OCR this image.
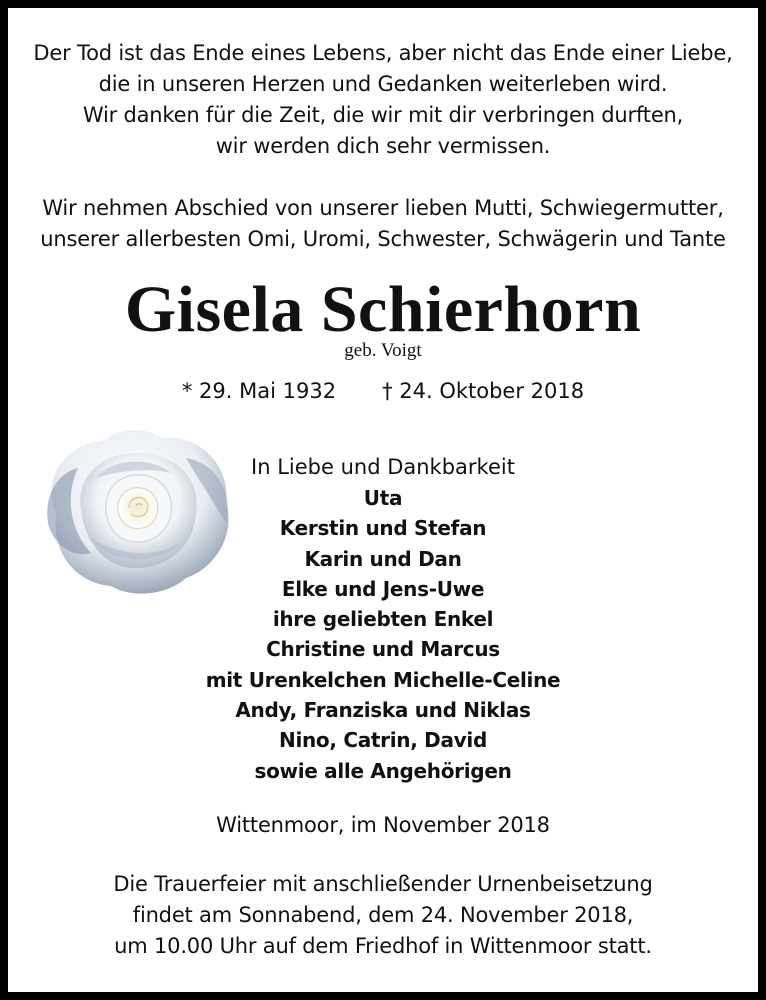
Der Tod ist das Ende eines Lebens, aber nicht das Ende einer Liebe,
die in unseren Herzen und Gedanken weiterleben wird.
Wir danken für die Zeit, die wir mit dir verbringen durften,
wir werden dich sehr vermissen.
Wir nehmen Abschied von unserer lieben Mutti, Schwiegermutter,
unserer allerbesten Omi, Uromi, Schwester, Schwägerin und Tante
Gisela Schierhorn
geb. Voigt
* 29. Mai 1932 † 24. Oktober 2018
In Liebe und Dankbarkeit
Uta
Kerstin und Stefan
Karin und Dan
Elke und Jens-Uwe
ihre geliebten Enkel
Christine und Marcus
mit Urenkelchen Michelle-Celine
Andy, Franziska und Niklas
Nino, Catrin, David
sowie alle Angehörigen
Wittenmoor, im November 2018
Die Trauerfeier mit anschließender Urnenbeisetzung
findet am Sonnabend, dem 24. November 2018,
um 10.00 Uhr auf dem Friedhof in Wittenmoor statt.
